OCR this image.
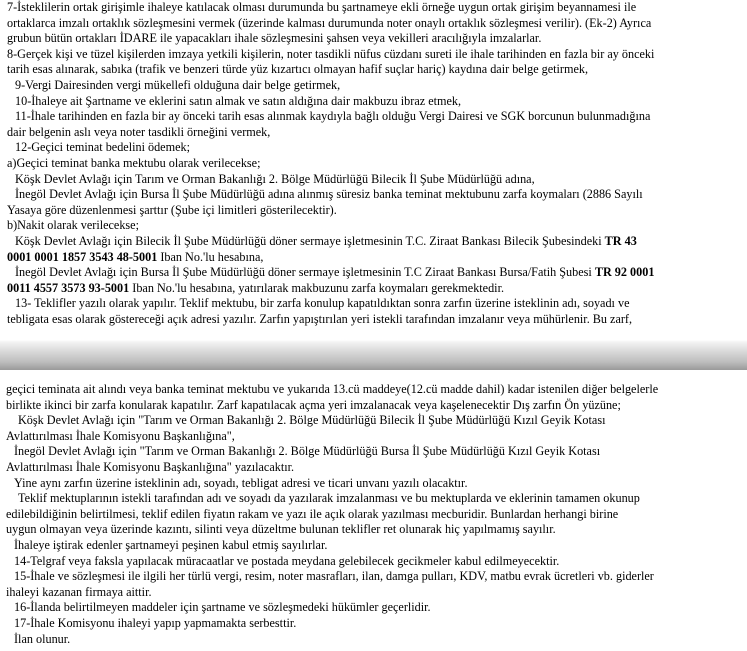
7-İsteklilerin ortak girişimle ihaleye katılacak olması durumunda bu şartnameye ekli örneğe uygun ortak girişim beyannamesi ile

ortaklarca imzalı ortaklık sözleşmesini vermek (üzerinde kalması durumunda noter onaylı ortaklık sözleşmesi verilir). (Ek-2) Ayrıca

grubun bütün ortakları İDARE ile yapacakları ihale sözleşmesini şahsen veya vekilleri aracılığıyla imzalarlar.

8-Gerçek kişi ve tüzel kişilerden imzaya yetkili kişilerin, noter tasdikli nüfus cüzdanı sureti ile ihale tarihinden en fazla bir ay önceki

tarih esas alınarak, sabıka (trafik ve benzeri türde yüz kızartıcı olmayan hafif suçlar hariç) kaydına dair belge getirmek,

9-Vergi Dairesinden vergi mükellefi olduğuna dair belge getirmek,

10-İhaleye ait Şartname ve eklerini satın almak ve satın aldığına dair makbuzu ibraz etmek,

11-İhale tarihinden en fazla bir ay önceki tarih esas alınmak kaydıyla bağlı olduğu Vergi Dairesi ve SGK borcunun bulunmadığına

dair belgenin aslı veya noter tasdikli örneğini vermek,

12-Geçici teminat bedelini ödemek;

a)Geçici teminat banka mektubu olarak verilecekse;

Köşk Devlet Avlağı için Tarım ve Orman Bakanlığı 2. Bölge Müdürlüğü Bilecik İl Şube Müdürlüğü adına,

İnegöl Devlet Avlağı için Bursa İl Şube Müdürlüğü adına alınmış süresiz banka teminat mektubunu zarfa koymaları (2886 Sayılı

Yasaya göre düzenlenmesi şarttır (Şube içi limitleri gösterilecektir).

b)Nakit olarak verilecekse;

Köşk Devlet Avlağı için Bilecik İl Şube Müdürlüğü döner sermaye işletmesinin T.C. Ziraat Bankası Bilecik Şubesindeki TR 43

0001 0001 1857 3543 48-5001 Iban No.'lu hesabına,

İnegöl Devlet Avlağı için Bursa İl Şube Müdürlüğü döner sermaye işletmesinin T.C Ziraat Bankası Bursa/Fatih Şubesi TR 92 0001

0011 4557 3573 93-5001 Iban No.'lu hesabına, yatırılarak makbuzunu zarfa koymaları gerekmektedir.

13- Teklifler yazılı olarak yapılır. Teklif mektubu, bir zarfa konulup kapatıldıktan sonra zarfın üzerine isteklinin adı, soyadı ve

tebligata esas olarak göstereceği açık adresi yazılır. Zarfın yapıştırılan yeri istekli tarafından imzalanır veya mühürlenir. Bu zarf,

geçici teminata ait alındı veya banka teminat mektubu ve yukarıda 13.cü maddeye(12.cü madde dahil) kadar istenilen diğer belgelerle

birlikte ikinci bir zarfa konularak kapatılır. Zarf kapatılacak açma yeri imzalanacak veya kaşelenecektir Dış zarfın Ön yüzüne;

Köşk Devlet Avlağı için "Tarım ve Orman Bakanlığı 2. Bölge Müdürlüğü Bilecik İl Şube Müdürlüğü Kızıl Geyik Kotası

Avlattırılması İhale Komisyonu Başkanlığına",

İnegöl Devlet Avlağı için "Tarım ve Orman Bakanlığı 2. Bölge Müdürlüğü Bursa İl Şube Müdürlüğü Kızıl Geyik Kotası

Avlattırılması İhale Komisyonu Başkanlığına" yazılacaktır.

Yine aynı zarfın üzerine isteklinin adı, soyadı, tebligat adresi ve ticari unvanı yazılı olacaktır.

Teklif mektuplarının istekli tarafından adı ve soyadı da yazılarak imzalanması ve bu mektuplarda ve eklerinin tamamen okunup

edilebildiğinin belirtilmesi, teklif edilen fiyatın rakam ve yazı ile açık olarak yazılması mecburidir. Bunlardan herhangi birine

uygun olmayan veya üzerinde kazıntı, silinti veya düzeltme bulunan teklifler ret olunarak hiç yapılmamış sayılır.

İhaleye iştirak edenler şartnameyi peşinen kabul etmiş sayılırlar.

14-Telgraf veya faksla yapılacak müracaatlar ve postada meydana gelebilecek gecikmeler kabul edilmeyecektir.

15-İhale ve sözleşmesi ile ilgili her türlü vergi, resim, noter masrafları, ilan, damga pulları, KDV, matbu evrak ücretleri vb. giderler

ihaleyi kazanan firmaya aittir.

16-İlanda belirtilmeyen maddeler için şartname ve sözleşmedeki hükümler geçerlidir.

17-İhale Komisyonu ihaleyi yapıp yapmamakta serbesttir.

İlan olunur.
